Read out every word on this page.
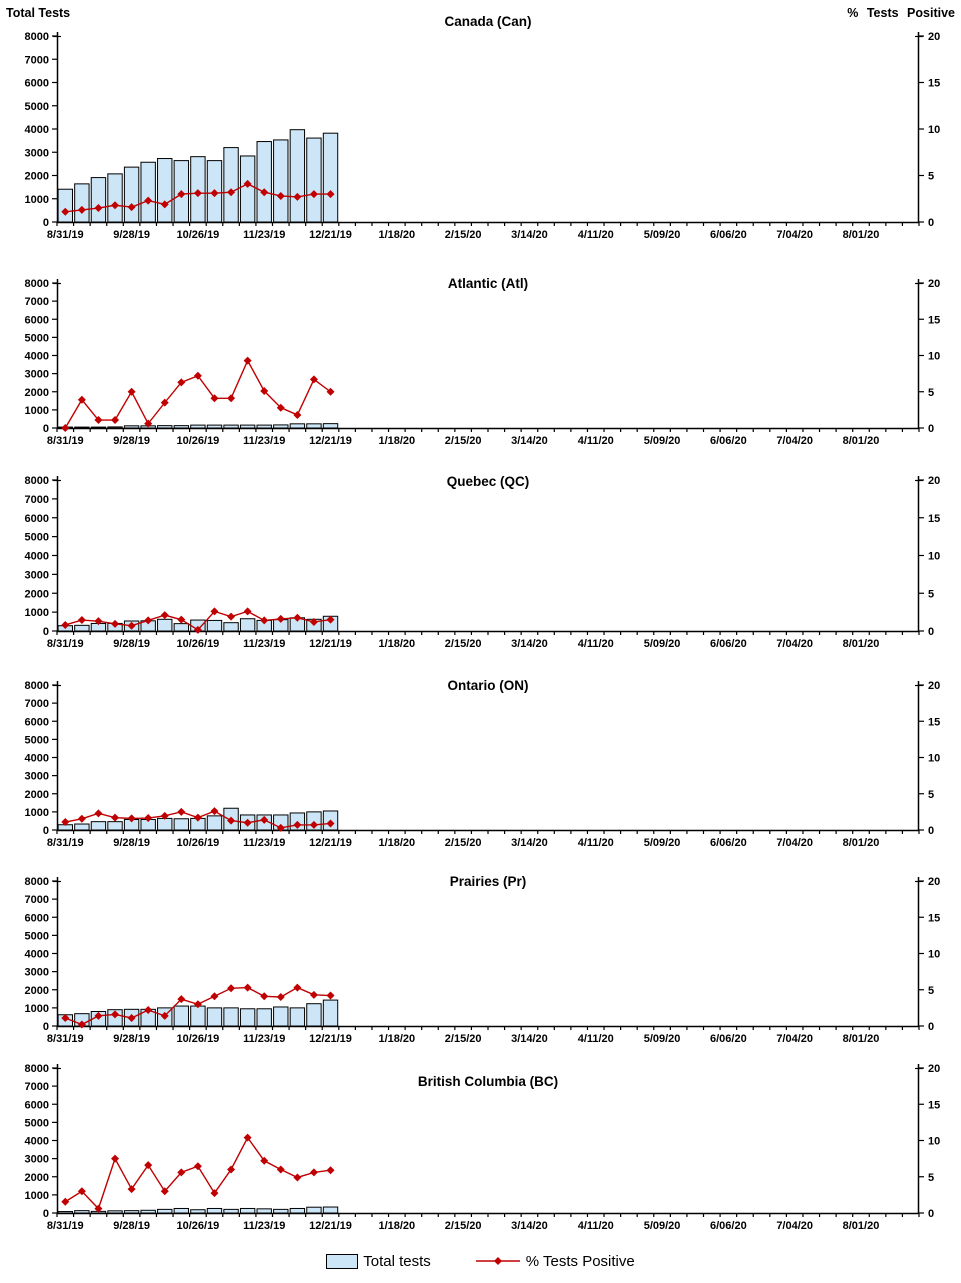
Total Tests	% Tests Positive
0
1000
2000
3000
4000
5000
6000
7000
8000
0
5
10
15
20
8/31/19	9/28/19 10/26/19 11/23/19 12/21/19 1/18/20	2/15/20	3/14/20	4/11/20	5/09/20	6/06/20	7/04/20	8/01/20
Canada (Can)
0
1000
2000
3000
4000
5000
6000
7000
8000
0
5
10
15
20
8/31/19	9/28/19 10/26/19 11/23/19 12/21/19 1/18/20	2/15/20	3/14/20	4/11/20	5/09/20	6/06/20	7/04/20	8/01/20
Atlantic (Atl)
0
1000
2000
3000
4000
5000
6000
7000
8000
0
5
10
15
20
8/31/19	9/28/19 10/26/19 11/23/19 12/21/19 1/18/20	2/15/20	3/14/20	4/11/20	5/09/20	6/06/20	7/04/20	8/01/20
Quebec (QC)
0
1000
2000
3000
4000
5000
6000
7000
8000
0
5
10
15
20
8/31/19	9/28/19 10/26/19 11/23/19 12/21/19 1/18/20	2/15/20	3/14/20	4/11/20	5/09/20	6/06/20	7/04/20	8/01/20
Ontario (ON)
0
1000
2000
3000
4000
5000
6000
7000
8000
0
5
10
15
20
8/31/19	9/28/19 10/26/19 11/23/19 12/21/19 1/18/20	2/15/20	3/14/20	4/11/20	5/09/20	6/06/20	7/04/20	8/01/20
Prairies (Pr)
0
1000
2000
3000
4000
5000
6000
7000
8000
0
5
10
15
20
8/31/19	9/28/19 10/26/19 11/23/19 12/21/19 1/18/20	2/15/20	3/14/20	4/11/20	5/09/20	6/06/20	7/04/20	8/01/20
British Columbia (BC)
Total tests	% Tests Positive
